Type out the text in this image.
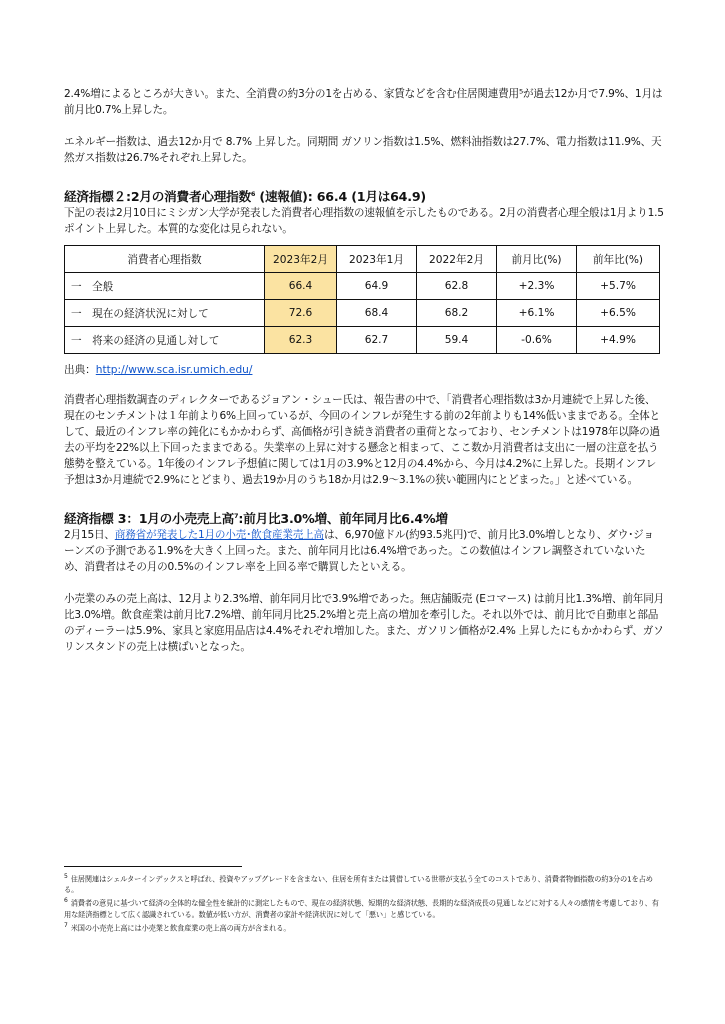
2.4%増によるところが大きい。また、全消費の約3分の1を占める、家賃などを含む住居関連費用⁵が過去12か月で7.9%、1月は前月比0.7%上昇した。

エネルギー指数は、過去12か月で 8.7% 上昇した。同期間 ガソリン指数は1.5%、燃料油指数は27.7%、電力指数は11.9%、天然ガス指数は26.7%それぞれ上昇した。

経済指標２:2月の消費者心理指数$^6$ (速報値): 66.4 (1月は64.9)

下記の表は2月10日にミシガン大学が発表した消費者心理指数の速報値を示したものである。2月の消費者心理全般は1月より1.5ポイント上昇した。本質的な変化は見られない。

消費者心理指数	2023年2月	2023年1月	2022年2月	前月比(%)	前年比(%)
一　全般	66.4	64.9	62.8	+2.3%	+5.7%
一　現在の経済状況に対して	72.6	68.4	68.2	+6.1%	+6.5%
一　将来の経済の見通し対して	62.3	62.7	59.4	-0.6%	+4.9%
出典：http://www.sca.isr.umich.edu/

消費者心理指数調査のディレクターであるジョアン・シュー氏は、報告書の中で、「消費者心理指数は3か月連続で上昇した後、現在のセンチメントは１年前より6%上回っているが、今回のインフレが発生する前の2年前よりも14%低いままである。全体として、最近のインフレ率の鈍化にもかかわらず、高価格が引き続き消費者の重荷となっており、センチメントは1978年以降の過去の平均を22%以上下回ったままである。失業率の上昇に対する懸念と相まって、ここ数か月消費者は支出に一層の注意を払う態勢を整えている。1年後のインフレ予想値に関しては1月の3.9%と12月の4.4%から、今月は4.2%に上昇した。長期インフレ予想は3か月連続で2.9%にとどまり、過去19か月のうち18か月は2.9～3.1%の狭い範囲内にとどまった。」と述べている。

経済指標 3：1月の小売売上高$^7$:前月比3.0%増、前年同月比6.4%増

2月15日、商務省が発表した1月の小売･飲食産業売上高は、6,970億ドル(約93.5兆円)で、前月比3.0%増しとなり、ダウ･ジョーンズの予測である1.9%を大きく上回った。また、前年同月比は6.4%増であった。この数値はインフレ調整されていないため、消費者はその月の0.5%のインフレ率を上回る率で購買したといえる。

小売業のみの売上高は、12月より2.3%増、前年同月比で3.9%増であった。無店舗販売 (Eコマース) は前月比1.3%増、前年同月比3.0%増。飲食産業は前月比7.2%増、前年同月比25.2%増と売上高の増加を牽引した。それ以外では、前月比で自動車と部品のディーラーは5.9%、家具と家庭用品店は4.4%それぞれ増加した。また、ガソリン価格が2.4% 上昇したにもかかわらず、ガソリンスタンドの売上は横ばいとなった。

$^5$ 住居関連はシェルターインデックスと呼ばれ、投資やアップグレードを含まない、住居を所有または賃借している世帯が支払う全てのコストであり、消費者物価指数の約3分の1を占める。
$^6$ 消費者の意見に基づいて経済の全体的な健全性を統計的に測定したもので、現在の経済状態、短期的な経済状態、長期的な経済成長の見通しなどに対する人々の感情を考慮しており、有用な経済指標として広く認識されている。数値が低い方が、消費者の家計や経済状況に対して「悪い」と感じている。
$^7$ 米国の小売売上高には小売業と飲食産業の売上高の両方が含まれる。
